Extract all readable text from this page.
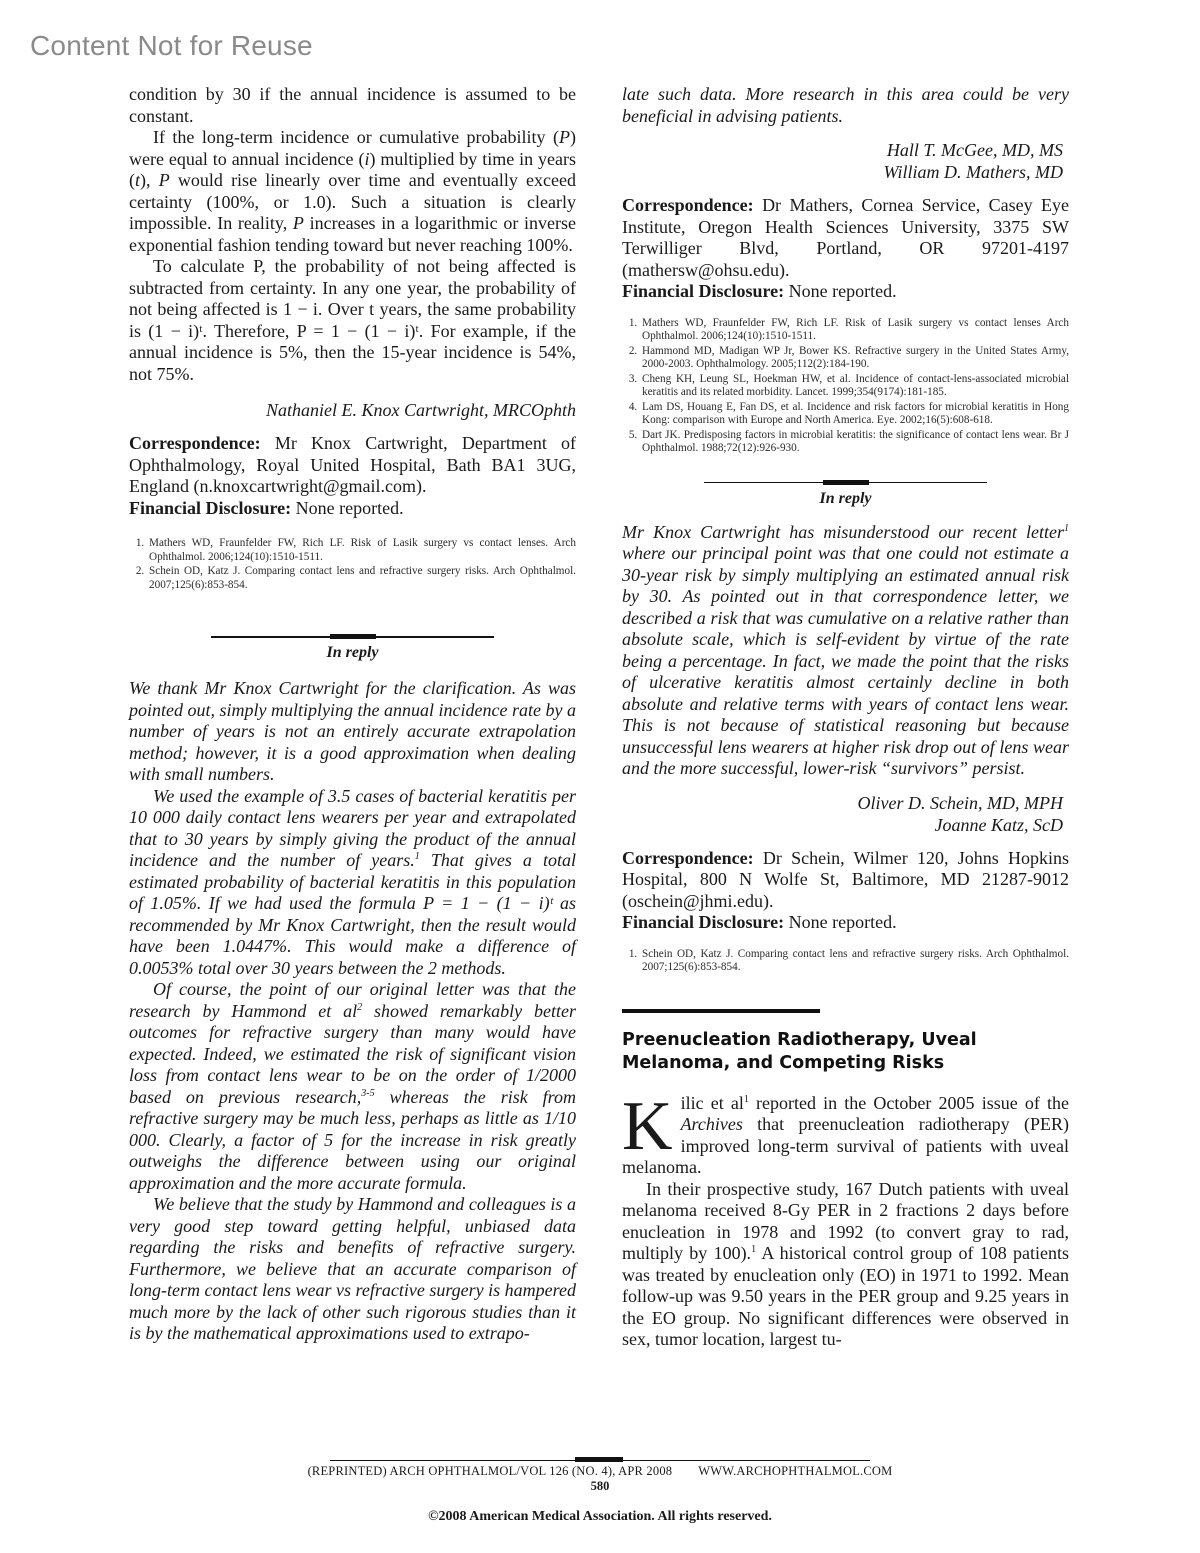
Content Not for Reuse

condition by 30 if the annual incidence is assumed to be constant.

If the long-term incidence or cumulative probability (P) were equal to annual incidence (i) multiplied by time in years (t), P would rise linearly over time and eventually exceed certainty (100%, or 1.0). Such a situation is clearly impossible. In reality, P increases in a logarithmic or inverse exponential fashion tending toward but never reaching 100%.

To calculate P, the probability of not being affected is subtracted from certainty. In any one year, the probability of not being affected is 1 − i. Over t years, the same probability is (1 − i)ᵗ. Therefore, P = 1 − (1 − i)ᵗ. For example, if the annual incidence is 5%, then the 15-year incidence is 54%, not 75%.

Nathaniel E. Knox Cartwright, MRCOphth
Correspondence: Mr Knox Cartwright, Department of Ophthalmology, Royal United Hospital, Bath BA1 3UG, England (n.knoxcartwright@gmail.com).
Financial Disclosure: None reported.
1. Mathers WD, Fraunfelder FW, Rich LF. Risk of Lasik surgery vs contact lenses. Arch Ophthalmol. 2006;124(10):1510-1511.
2. Schein OD, Katz J. Comparing contact lens and refractive surgery risks. Arch Ophthalmol. 2007;125(6):853-854.
In reply

We thank Mr Knox Cartwright for the clarification. As was pointed out, simply multiplying the annual incidence rate by a number of years is not an entirely accurate extrapolation method; however, it is a good approximation when dealing with small numbers.

We used the example of 3.5 cases of bacterial keratitis per 10 000 daily contact lens wearers per year and extrapolated that to 30 years by simply giving the product of the annual incidence and the number of years.$^1$ That gives a total estimated probability of bacterial keratitis in this population of 1.05%. If we had used the formula P = 1 − (1 − i)ᵗ as recommended by Mr Knox Cartwright, then the result would have been 1.0447%. This would make a difference of 0.0053% total over 30 years between the 2 methods.

Of course, the point of our original letter was that the research by Hammond et $al^2$ showed remarkably better outcomes for refractive surgery than many would have expected. Indeed, we estimated the risk of significant vision loss from contact lens wear to be on the order of 1/2000 based on previous research,$^{3-5}$ whereas the risk from refractive surgery may be much less, perhaps as little as 1/10 000. Clearly, a factor of 5 for the increase in risk greatly outweighs the difference between using our original approximation and the more accurate formula.

We believe that the study by Hammond and colleagues is a very good step toward getting helpful, unbiased data regarding the risks and benefits of refractive surgery. Furthermore, we believe that an accurate comparison of long-term contact lens wear vs refractive surgery is hampered much more by the lack of other such rigorous studies than it is by the mathematical approximations used to extrapo-

late such data. More research in this area could be very beneficial in advising patients.

Hall T. McGee, MD, MS
William D. Mathers, MD
Correspondence: Dr Mathers, Cornea Service, Casey Eye Institute, Oregon Health Sciences University, 3375 SW Terwilliger Blvd, Portland, OR 97201-4197 (mathersw@ohsu.edu).
Financial Disclosure: None reported.
1. Mathers WD, Fraunfelder FW, Rich LF. Risk of Lasik surgery vs contact lenses Arch Ophthalmol. 2006;124(10):1510-1511.
2. Hammond MD, Madigan WP Jr, Bower KS. Refractive surgery in the United States Army, 2000-2003. Ophthalmology. 2005;112(2):184-190.
3. Cheng KH, Leung SL, Hoekman HW, et al. Incidence of contact-lens-associated microbial keratitis and its related morbidity. Lancet. 1999;354(9174):181-185.
4. Lam DS, Houang E, Fan DS, et al. Incidence and risk factors for microbial keratitis in Hong Kong: comparison with Europe and North America. Eye. 2002;16(5):608-618.
5. Dart JK. Predisposing factors in microbial keratitis: the significance of contact lens wear. Br J Ophthalmol. 1988;72(12):926-930.
In reply

Mr Knox Cartwright has misunderstood our recent letter$^1$ where our principal point was that one could not estimate a 30-year risk by simply multiplying an estimated annual risk by 30. As pointed out in that correspondence letter, we described a risk that was cumulative on a relative rather than absolute scale, which is self-evident by virtue of the rate being a percentage. In fact, we made the point that the risks of ulcerative keratitis almost certainly decline in both absolute and relative terms with years of contact lens wear. This is not because of statistical reasoning but because unsuccessful lens wearers at higher risk drop out of lens wear and the more successful, lower-risk “survivors” persist.

Oliver D. Schein, MD, MPH
Joanne Katz, ScD
Correspondence: Dr Schein, Wilmer 120, Johns Hopkins Hospital, 800 N Wolfe St, Baltimore, MD 21287-9012 (oschein@jhmi.edu).
Financial Disclosure: None reported.
1. Schein OD, Katz J. Comparing contact lens and refractive surgery risks. Arch Ophthalmol. 2007;125(6):853-854.
Preenucleation Radiotherapy, Uveal
Melanoma, and Competing Risks

Kilic et $al^1$ reported in the October 2005 issue of the Archives that preenucleation radiotherapy (PER) improved long-term survival of patients with uveal melanoma.

In their prospective study, 167 Dutch patients with uveal melanoma received 8-Gy PER in 2 fractions 2 days before enucleation in 1978 and 1992 (to convert gray to rad, multiply by 100).$^1$ A historical control group of 108 patients was treated by enucleation only (EO) in 1971 to 1992. Mean follow-up was 9.50 years in the PER group and 9.25 years in the EO group. No significant differences were observed in sex, tumor location, largest tu-

(REPRINTED) ARCH OPHTHALMOL/VOL 126 (NO. 4), APR 2008 WWW.ARCHOPHTHALMOL.COM
580
©2008 American Medical Association. All rights reserved.
